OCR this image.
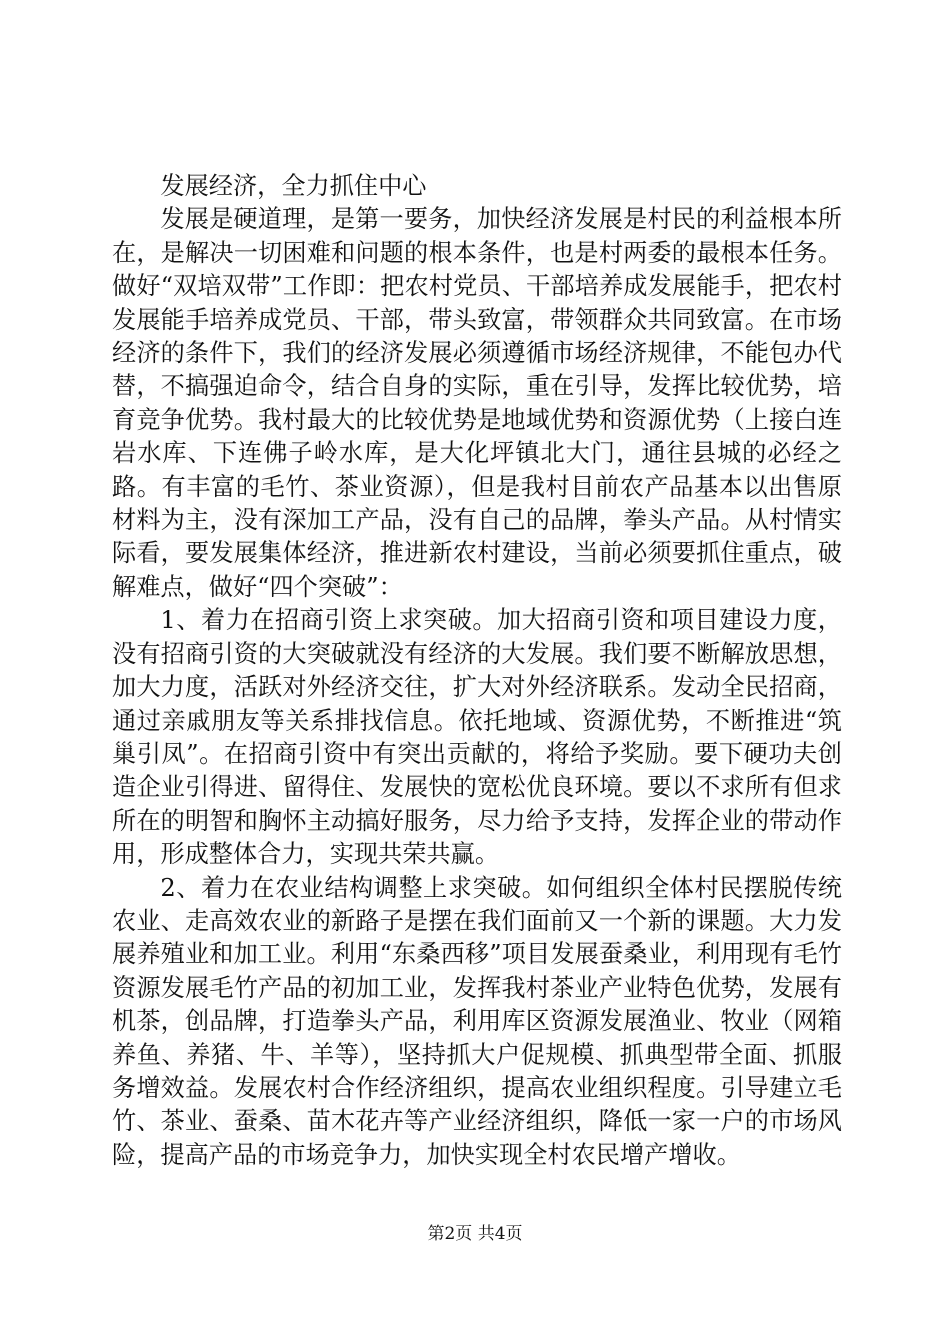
发展经济，全力抓住中心

发展是硬道理，是第一要务，加快经济发展是村民的利益根本所在，是解决一切困难和问题的根本条件，也是村两委的最根本任务。做好“双培双带”工作即：把农村党员、干部培养成发展能手，把农村发展能手培养成党员、干部，带头致富，带领群众共同致富。在市场经济的条件下，我们的经济发展必须遵循市场经济规律，不能包办代替，不搞强迫命令，结合自身的实际，重在引导，发挥比较优势，培育竞争优势。我村最大的比较优势是地域优势和资源优势（上接白连岩水库、下连佛子岭水库，是大化坪镇北大门，通往县城的必经之路。有丰富的毛竹、茶业资源），但是我村目前农产品基本以出售原材料为主，没有深加工产品，没有自己的品牌，拳头产品。从村情实际看，要发展集体经济，推进新农村建设，当前必须要抓住重点，破解难点，做好“四个突破”：

1、着力在招商引资上求突破。加大招商引资和项目建设力度，没有招商引资的大突破就没有经济的大发展。我们要不断解放思想，加大力度，活跃对外经济交往，扩大对外经济联系。发动全民招商，通过亲戚朋友等关系排找信息。依托地域、资源优势，不断推进“筑巢引凤”。在招商引资中有突出贡献的，将给予奖励。要下硬功夫创造企业引得进、留得住、发展快的宽松优良环境。要以不求所有但求所在的明智和胸怀主动搞好服务，尽力给予支持，发挥企业的带动作用，形成整体合力，实现共荣共赢。

2、着力在农业结构调整上求突破。如何组织全体村民摆脱传统农业、走高效农业的新路子是摆在我们面前又一个新的课题。大力发展养殖业和加工业。利用“东桑西移”项目发展蚕桑业，利用现有毛竹资源发展毛竹产品的初加工业，发挥我村茶业产业特色优势，发展有机茶，创品牌，打造拳头产品，利用库区资源发展渔业、牧业（网箱养鱼、养猪、牛、羊等），坚持抓大户促规模、抓典型带全面、抓服务增效益。发展农村合作经济组织，提高农业组织程度。引导建立毛竹、茶业、蚕桑、苗木花卉等产业经济组织，降低一家一户的市场风险，提高产品的市场竞争力，加快实现全村农民增产增收。

第2页 共4页
